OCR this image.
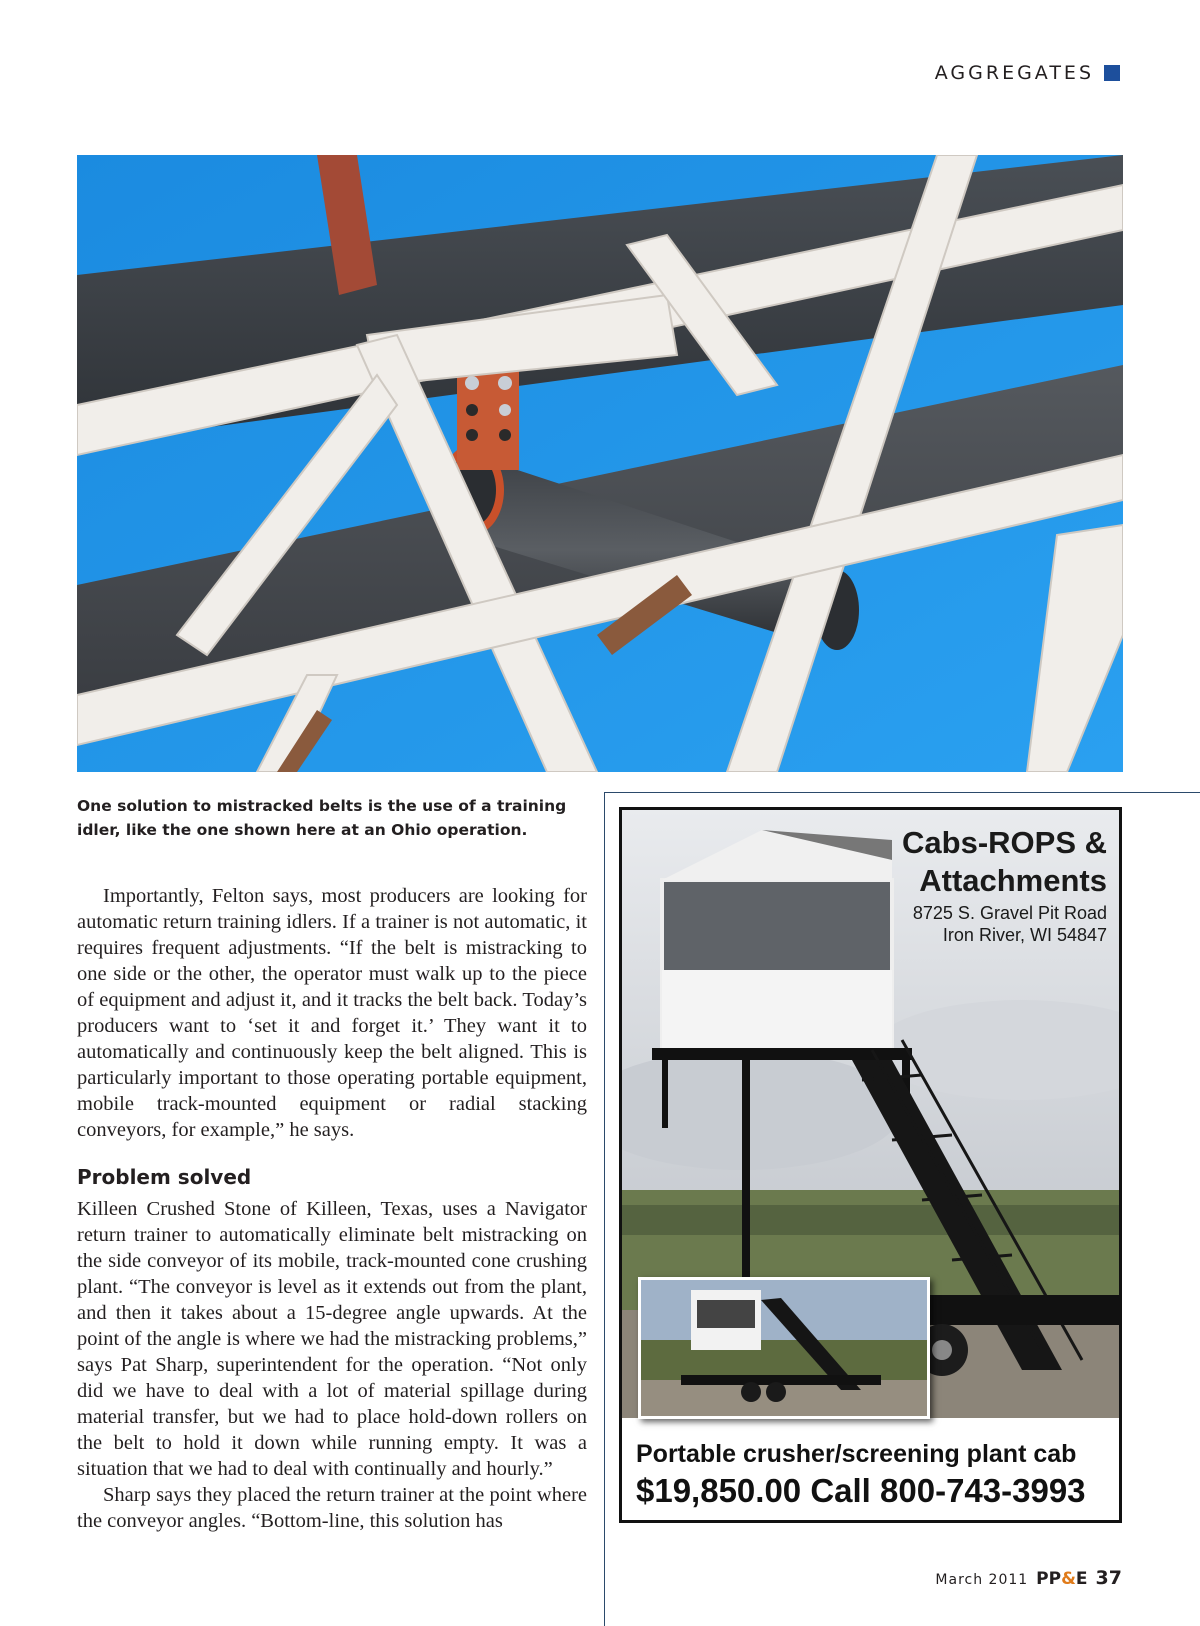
AGGREGATES
One solution to mistracked belts is the use of a training idler, like the one shown here at an Ohio operation.

Importantly, Felton says, most producers are looking for automatic return training idlers. If a trainer is not automatic, it requires frequent adjustments. “If the belt is mistracking to one side or the other, the operator must walk up to the piece of equipment and adjust it, and it tracks the belt back. Today’s producers want to ‘set it and forget it.’ They want it to automatically and continuously keep the belt aligned. This is particularly important to those operating portable equipment, mobile track-mounted equipment or radial stacking conveyors, for example,” he says.

Problem solved

Killeen Crushed Stone of Killeen, Texas, uses a Navigator return trainer to automatically eliminate belt mistracking on the side conveyor of its mobile, track-mounted cone crushing plant. “The conveyor is level as it extends out from the plant, and then it takes about a 15-degree angle upwards. At the point of the angle is where we had the mistracking problems,” says Pat Sharp, superintendent for the operation. “Not only did we have to deal with a lot of material spillage during material transfer, but we had to place hold-down rollers on the belt to hold it down while running empty. It was a situation that we had to deal with continually and hourly.”

Sharp says they placed the return trainer at the point where the conveyor angles. “Bottom-line, this solution has

Cabs-ROPS &
Attachments
8725 S. Gravel Pit Road
Iron River, WI 54847
Portable crusher/screening plant cab
$19,850.00 Call 800-743-3993
March 2011 PP&E 37
